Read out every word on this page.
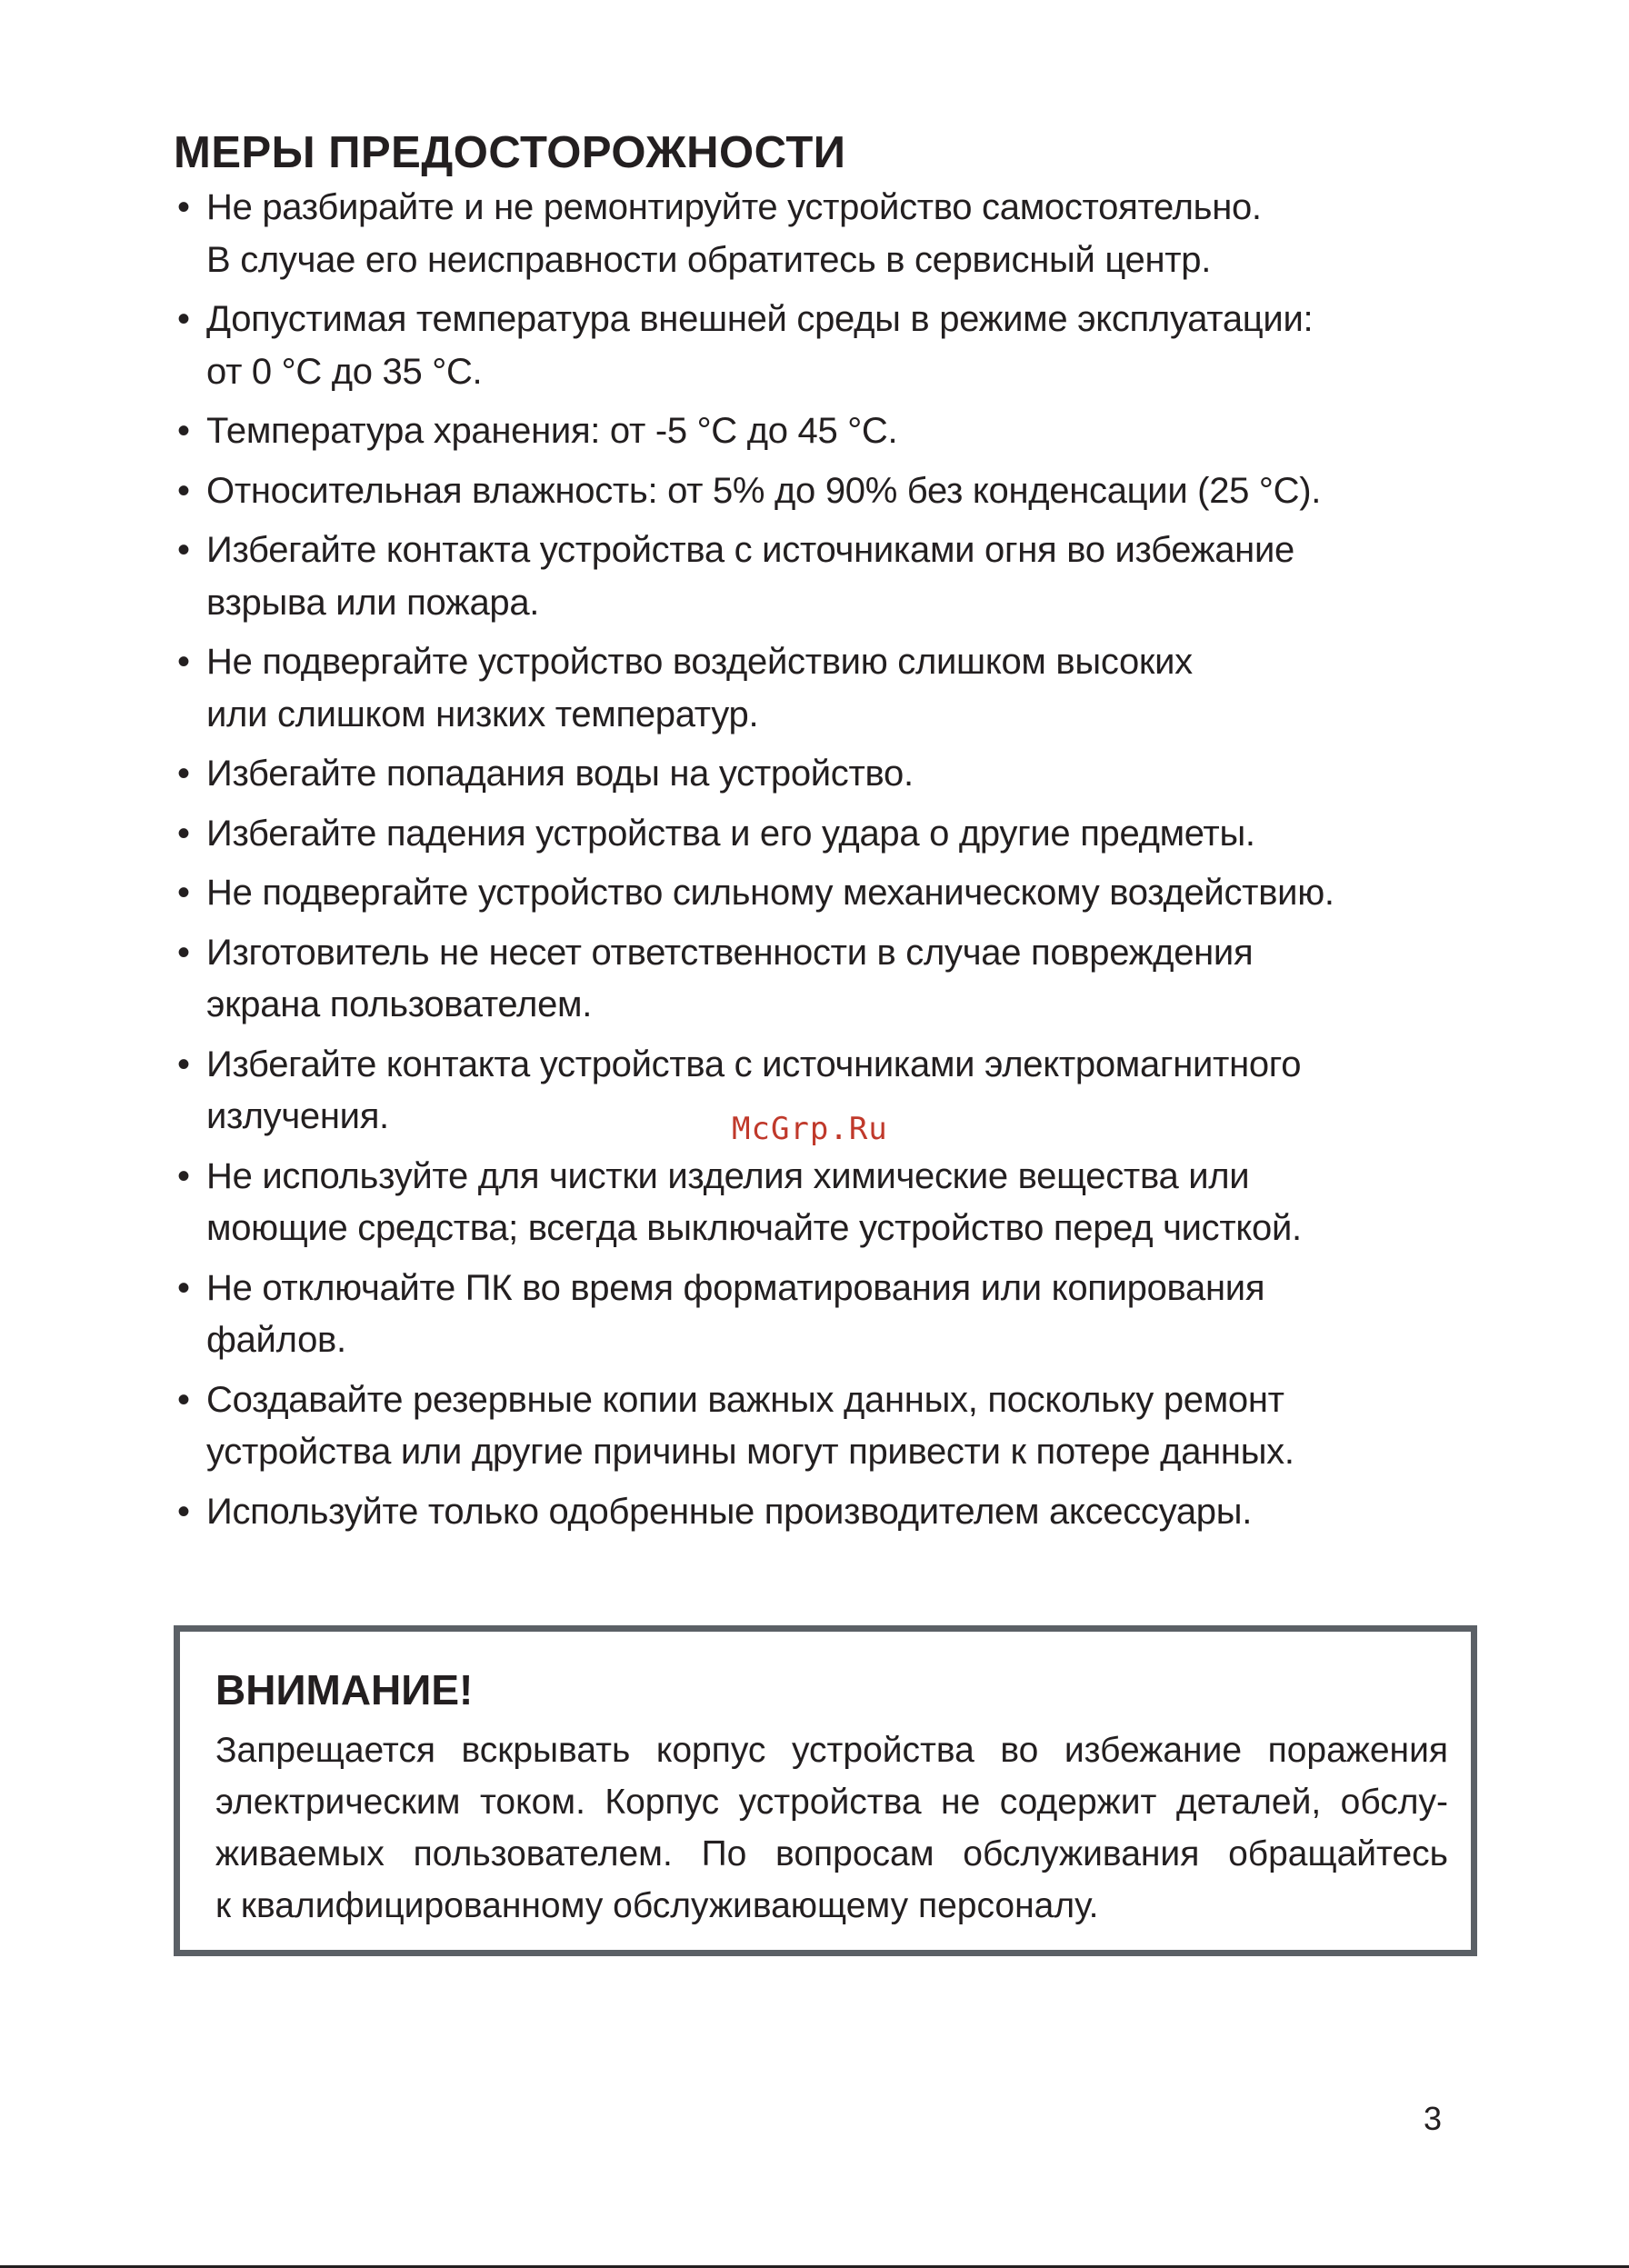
МЕРЫ ПРЕДОСТОРОЖНОСТИ
• Не разбирайте и не ремонтируйте устройство самостоятельно.
В случае его неисправности обратитесь в сервисный центр.
• Допустимая температура внешней среды в режиме эксплуатации:
от 0 °С до 35 °С.
• Температура хранения: от -5 °С до 45 °С.
• Относительная влажность: от 5% до 90% без конденсации (25 °С).
• Избегайте контакта устройства с источниками огня во избежание
взрыва или пожара.
• Не подвергайте устройство воздействию слишком высоких
или слишком низких температур.
• Избегайте попадания воды на устройство.
• Избегайте падения устройства и его удара о другие предметы.
• Не подвергайте устройство сильному механическому воздействию.
• Изготовитель не несет ответственности в случае повреждения
экрана пользователем.
• Избегайте контакта устройства с источниками электромагнитного
излучения.
• Не используйте для чистки изделия химические вещества или
моющие средства; всегда выключайте устройство перед чисткой.
• Не отключайте ПК во время форматирования или копирования
файлов.
• Создавайте резервные копии важных данных, поскольку ремонт
устройства или другие причины могут привести к потере данных.
• Используйте только одобренные производителем аксессуары.
McGrp.Ru
ВНИМАНИЕ!

Запрещается вскрывать корпус устройства во избежание поражения
электрическим током. Корпус устройства не содержит деталей, обслу-
живаемых пользователем. По вопросам обслуживания обращайтесь
к квалифицированному обслуживающему персоналу.

3
